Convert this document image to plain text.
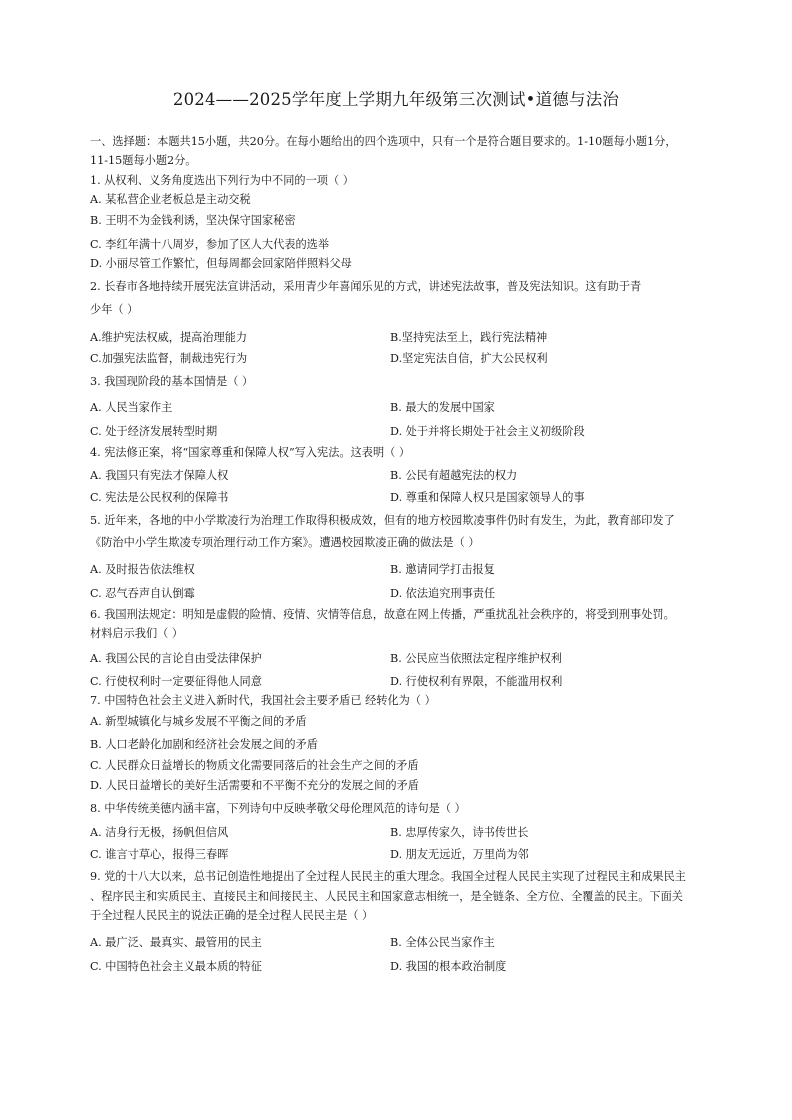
2024——2025学年度上学期九年级第三次测试•道德与法治
一、选择题：本题共15小题，共20分。在每小题给出的四个选项中，只有一个是符合题目要求的。1-10题每小题1分，
11-15题每小题2分。
1. 从权利、义务角度选出下列行为中不同的一项（ ）
A. 某私营企业老板总是主动交税
B. 王明不为金钱利诱，坚决保守国家秘密
C. 李红年满十八周岁，参加了区人大代表的选举
D. 小丽尽管工作繁忙，但每周都会回家陪伴照料父母
2. 长春市各地持续开展宪法宣讲活动，采用青少年喜闻乐见的方式，讲述宪法故事，普及宪法知识。这有助于青
少年（ ）
A.维护宪法权威，提高治理能力	B.坚持宪法至上，践行宪法精神
C.加强宪法监督，制裁违宪行为	D.坚定宪法自信，扩大公民权利
3. 我国现阶段的基本国情是（ ）
A. 人民当家作主	B. 最大的发展中国家
C. 处于经济发展转型时期	D. 处于并将长期处于社会主义初级阶段
4. 宪法修正案，将“国家尊重和保障人权”写入宪法。这表明（ ）
A. 我国只有宪法才保障人权	B. 公民有超越宪法的权力
C. 宪法是公民权利的保障书	D. 尊重和保障人权只是国家领导人的事
5. 近年来，各地的中小学欺凌行为治理工作取得积极成效，但有的地方校园欺凌事件仍时有发生，为此，教育部印发了
《防治中小学生欺凌专项治理行动工作方案》。遭遇校园欺凌正确的做法是（ ）
A. 及时报告依法维权	B. 邀请同学打击报复
C. 忍气吞声自认倒霉	D. 依法追究刑事责任
6. 我国刑法规定：明知是虚假的险情、疫情、灾情等信息，故意在网上传播，严重扰乱社会秩序的，将受到刑事处罚。
材料启示我们（ ）
A. 我国公民的言论自由受法律保护	B. 公民应当依照法定程序维护权利
C. 行使权利时一定要征得他人同意	D. 行使权利有界限，不能滥用权利
7. 中国特色社会主义进入新时代，我国社会主要矛盾已 经转化为（ ）
A. 新型城镇化与城乡发展不平衡之间的矛盾
B. 人口老龄化加剧和经济社会发展之间的矛盾
C. 人民群众日益增长的物质文化需要同落后的社会生产之间的矛盾
D. 人民日益增长的美好生活需要和不平衡不充分的发展之间的矛盾
8. 中华传统美德内涵丰富，下列诗句中反映孝敬父母伦理风范的诗句是（ ）
A. 洁身行无极，扬帆但信风	B. 忠厚传家久，诗书传世长
C. 谁言寸草心，报得三春晖	D. 朋友无远近，万里尚为邻
9. 党的十八大以来，总书记创造性地提出了全过程人民民主的重大理念。我国全过程人民民主实现了过程民主和成果民主
、程序民主和实质民主、直接民主和间接民主、人民民主和国家意志相统一，是全链条、全方位、全覆盖的民主。下面关
于全过程人民民主的说法正确的是全过程人民民主是（ ）
A. 最广泛、最真实、最管用的民主	B. 全体公民当家作主
C. 中国特色社会主义最本质的特征	D. 我国的根本政治制度
